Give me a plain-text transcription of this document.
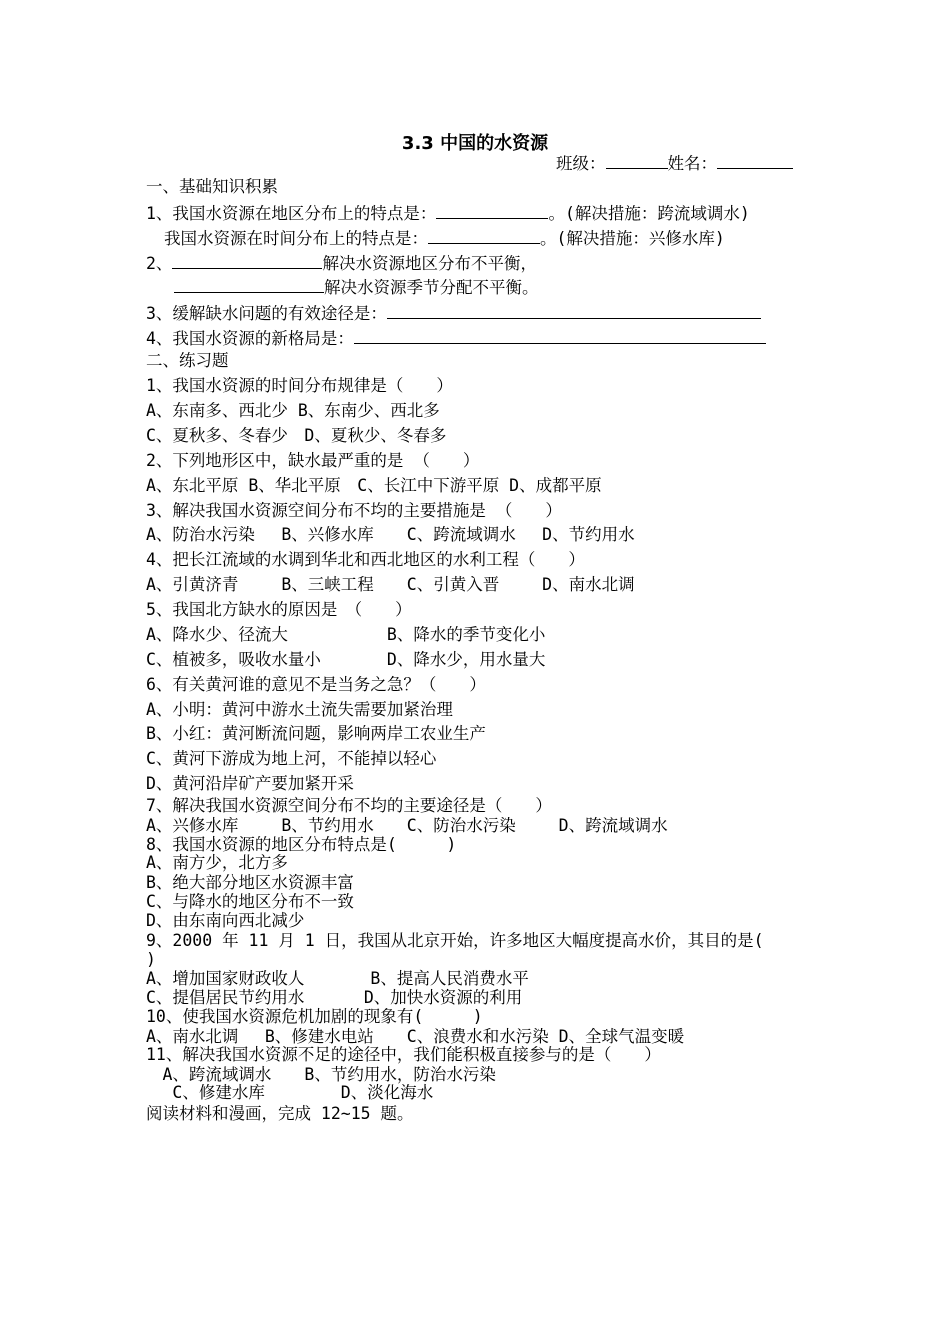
3.3 中国的水资源
班级：	姓名：
一、基础知识积累
1、我国水资源在地区分布上的特点是：	。(解决措施：跨流域调水)
我国水资源在时间分布上的特点是：	。(解决措施：兴修水库)
2、	解决水资源地区分布不平衡，
解决水资源季节分配不平衡。
3、缓解缺水问题的有效途径是：
4、我国水资源的新格局是：
二、练习题
1、我国水资源的时间分布规律是（　　）
A、东南多、西北少 B、东南少、西北多
C、夏秋多、冬春少　D、夏秋少、冬春多
2、下列地形区中，缺水最严重的是 （　　）
A、东北平原 B、华北平原　C、长江中下游平原 D、成都平原
3、解决我国水资源空间分布不均的主要措施是 （　　）
A、防治水污染　 B、兴修水库　　C、跨流域调水　 D、节约用水
4、把长江流域的水调到华北和西北地区的水利工程（　　）
A、引黄济青　　 B、三峡工程　　C、引黄入晋　　 D、南水北调
5、我国北方缺水的原因是　（　　）
A、降水少、径流大　　　　　　B、降水的季节变化小
C、植被多，吸收水量小　　　　D、降水少，用水量大
6、有关黄河谁的意见不是当务之急？（　　）
A、小明：黄河中游水土流失需要加紧治理
B、小红：黄河断流问题，影响两岸工农业生产
C、黄河下游成为地上河，不能掉以轻心
D、黄河沿岸矿产要加紧开采
7、解决我国水资源空间分布不均的主要途径是（　　）
A、兴修水库　　 B、节约用水　　C、防治水污染　　 D、跨流域调水
8、我国水资源的地区分布特点是(　　　)
A、南方少，北方多
B、绝大部分地区水资源丰富
C、与降水的地区分布不一致
D、由东南向西北减少
9、2000 年 11 月 1 日，我国从北京开始，许多地区大幅度提高水价，其目的是(
)
A、增加国家财政收人　　　　B、提高人民消费水平
C、提倡居民节约用水　　　 D、加快水资源的利用
10、使我国水资源危机加剧的现象有(　　　)
A、南水北调　 B、修建水电站　　C、浪费水和水污染 D、全球气温变暖
11、解决我国水资源不足的途径中，我们能积极直接参与的是（　　）
　A、跨流域调水　　B、节约用水，防治水污染
　 C、修建水库　　　　 D、淡化海水
阅读材料和漫画，完成 12~15 题。
